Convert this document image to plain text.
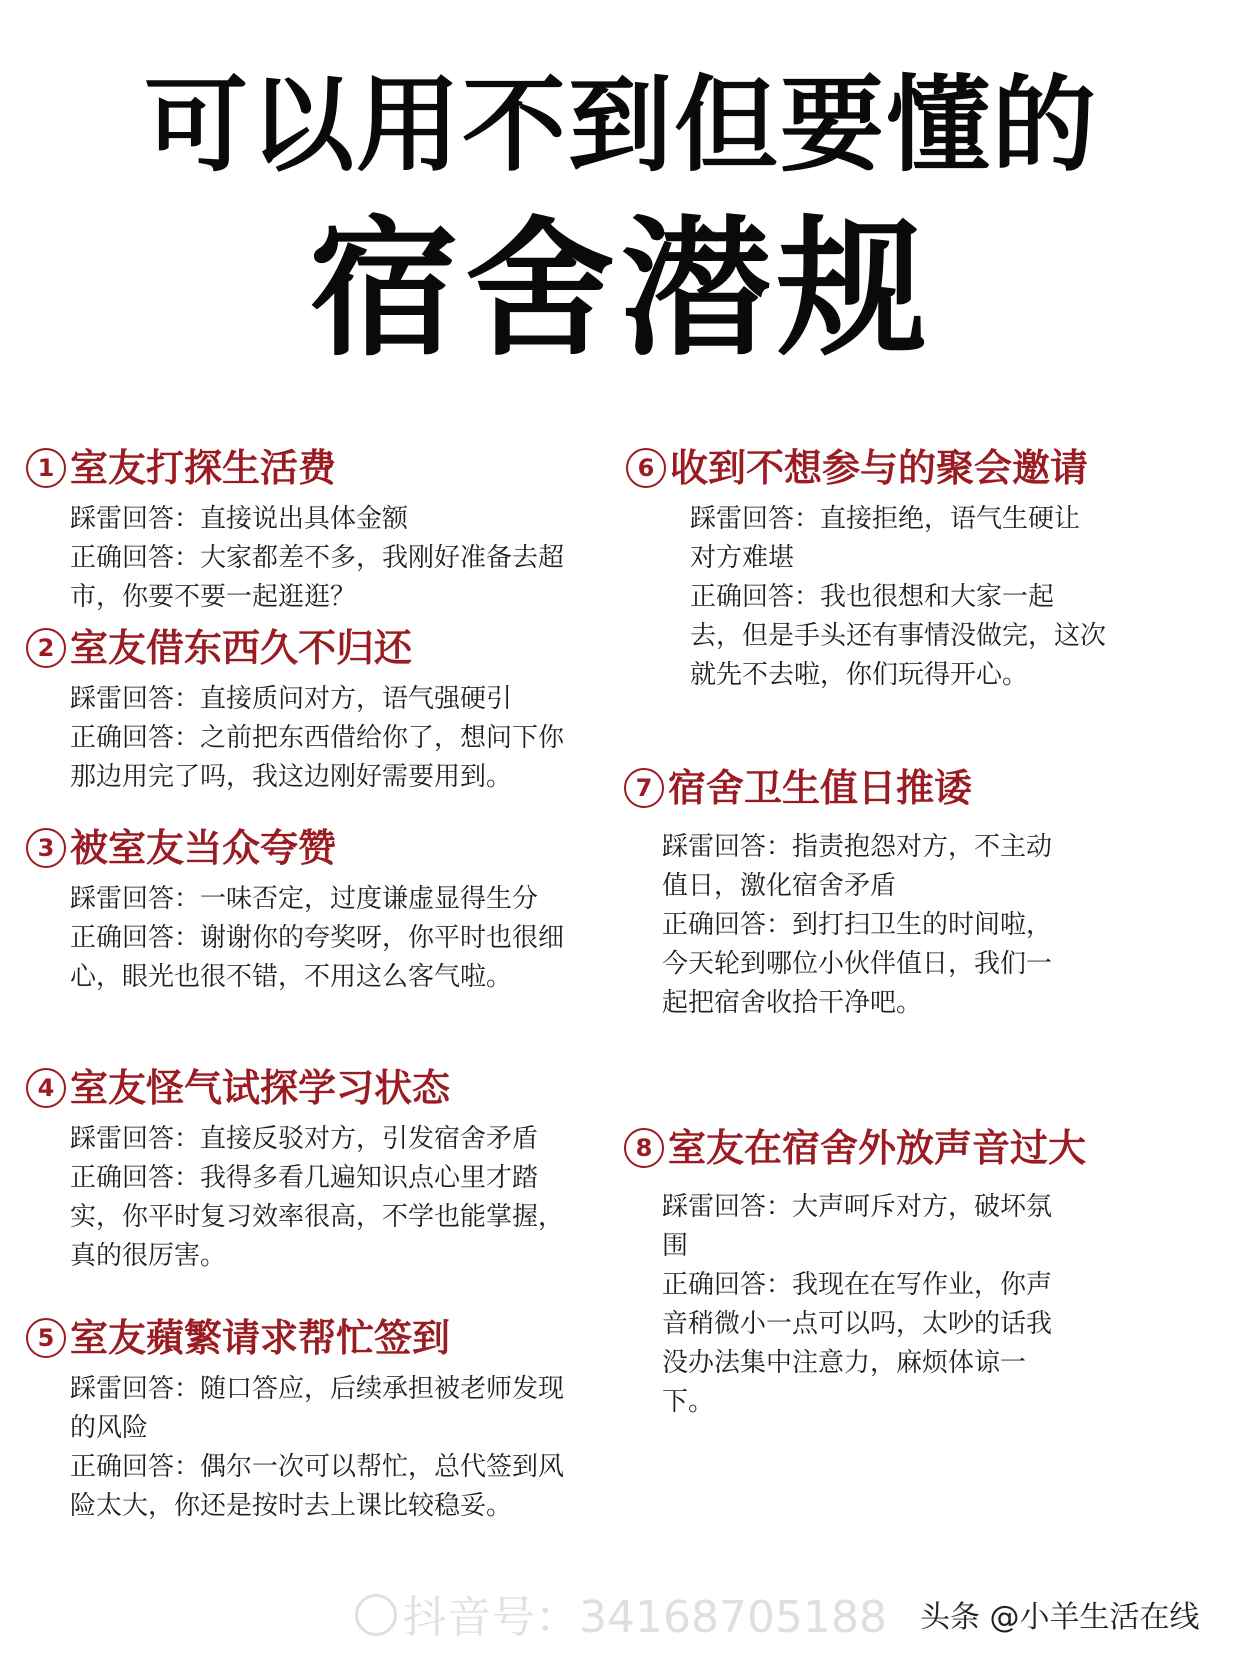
可以用不到但要懂的
宿舍潜规
1 室友打探生活费

踩雷回答：直接说出具体金额

正确回答：大家都差不多，我刚好准备去超市，你要不要一起逛逛？

2 室友借东西久不归还

踩雷回答：直接质问对方，语气强硬引

正确回答：之前把东西借给你了，想问下你那边用完了吗，我这边刚好需要用到。

3 被室友当众夸赞

踩雷回答：一味否定，过度谦虚显得生分

正确回答：谢谢你的夸奖呀，你平时也很细心，眼光也很不错，不用这么客气啦。

4 室友怪气试探学习状态

踩雷回答：直接反驳对方，引发宿舍矛盾

正确回答：我得多看几遍知识点心里才踏实，你平时复习效率很高，不学也能掌握，真的很厉害。

5 室友蘋繁请求帮忙签到

踩雷回答：随口答应，后续承担被老师发现的风险

正确回答：偶尔一次可以帮忙，总代签到风险太大，你还是按时去上课比较稳妥。

6 收到不想参与的聚会邀请

踩雷回答：直接拒绝，语气生硬让对方难堪

正确回答：我也很想和大家一起去，但是手头还有事情没做完，这次就先不去啦，你们玩得开心。

7 宿舍卫生值日推诿

踩雷回答：指责抱怨对方，不主动值日，激化宿舍矛盾

正确回答：到打扫卫生的时间啦，今天轮到哪位小伙伴值日，我们一起把宿舍收拾干净吧。

8 室友在宿舍外放声音过大

踩雷回答：大声呵斥对方，破坏氛围

正确回答：我现在在写作业，你声音稍微小一点可以吗，太吵的话我没办法集中注意力，麻烦体谅一下。

抖音号：34168705188 头条 @小羊生活在线
